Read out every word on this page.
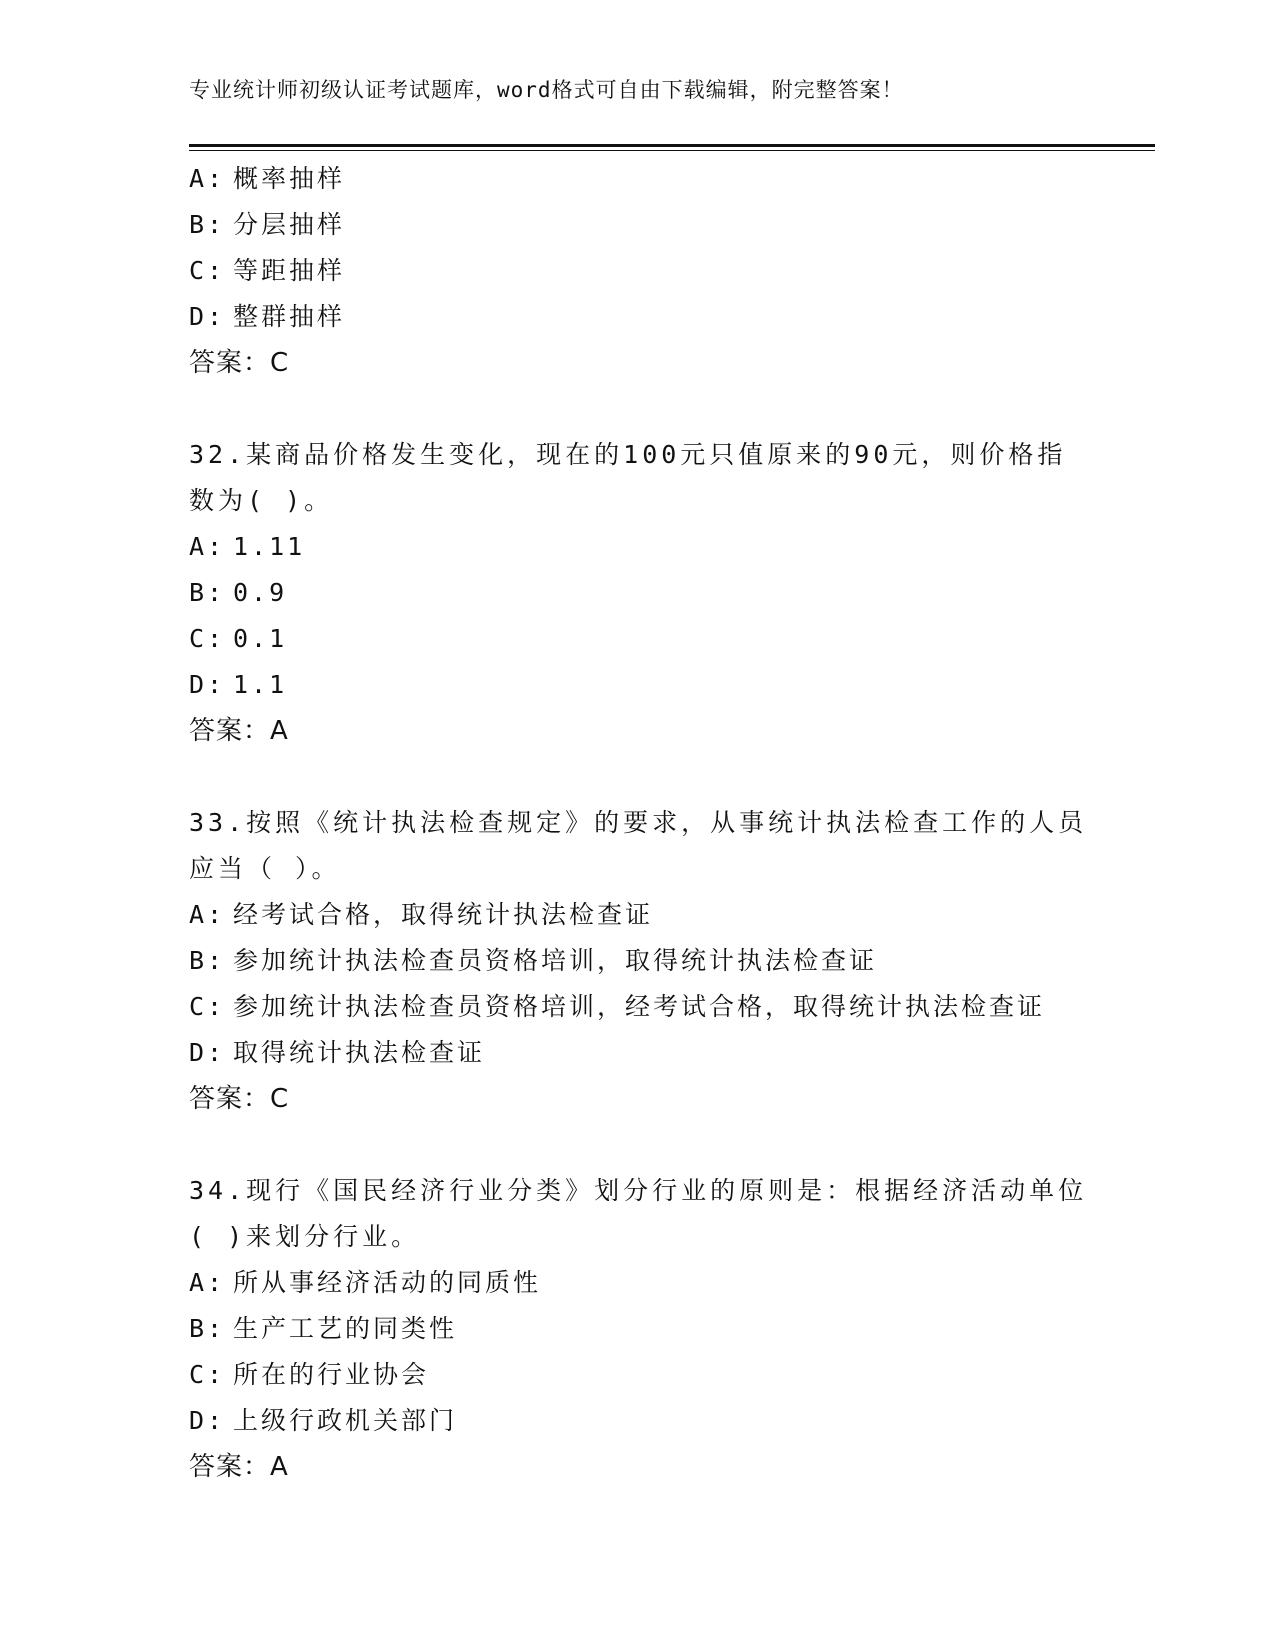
专业统计师初级认证考试题库，word格式可自由下载编辑，附完整答案！
A: 概率抽样
B: 分层抽样
C: 等距抽样
D: 整群抽样
答案：C
32.某商品价格发生变化，现在的100元只值原来的90元，则价格指
数为( )。
A: 1.11
B: 0.9
C: 0.1
D: 1.1
答案：A
33.按照《统计执法检查规定》的要求，从事统计执法检查工作的人员
应当（ ）。
A: 经考试合格，取得统计执法检查证
B: 参加统计执法检查员资格培训，取得统计执法检查证
C: 参加统计执法检查员资格培训，经考试合格，取得统计执法检查证
D: 取得统计执法检查证
答案：C
34.现行《国民经济行业分类》划分行业的原则是：根据经济活动单位
( )来划分行业。
A: 所从事经济活动的同质性
B: 生产工艺的同类性
C: 所在的行业协会
D: 上级行政机关部门
答案：A
